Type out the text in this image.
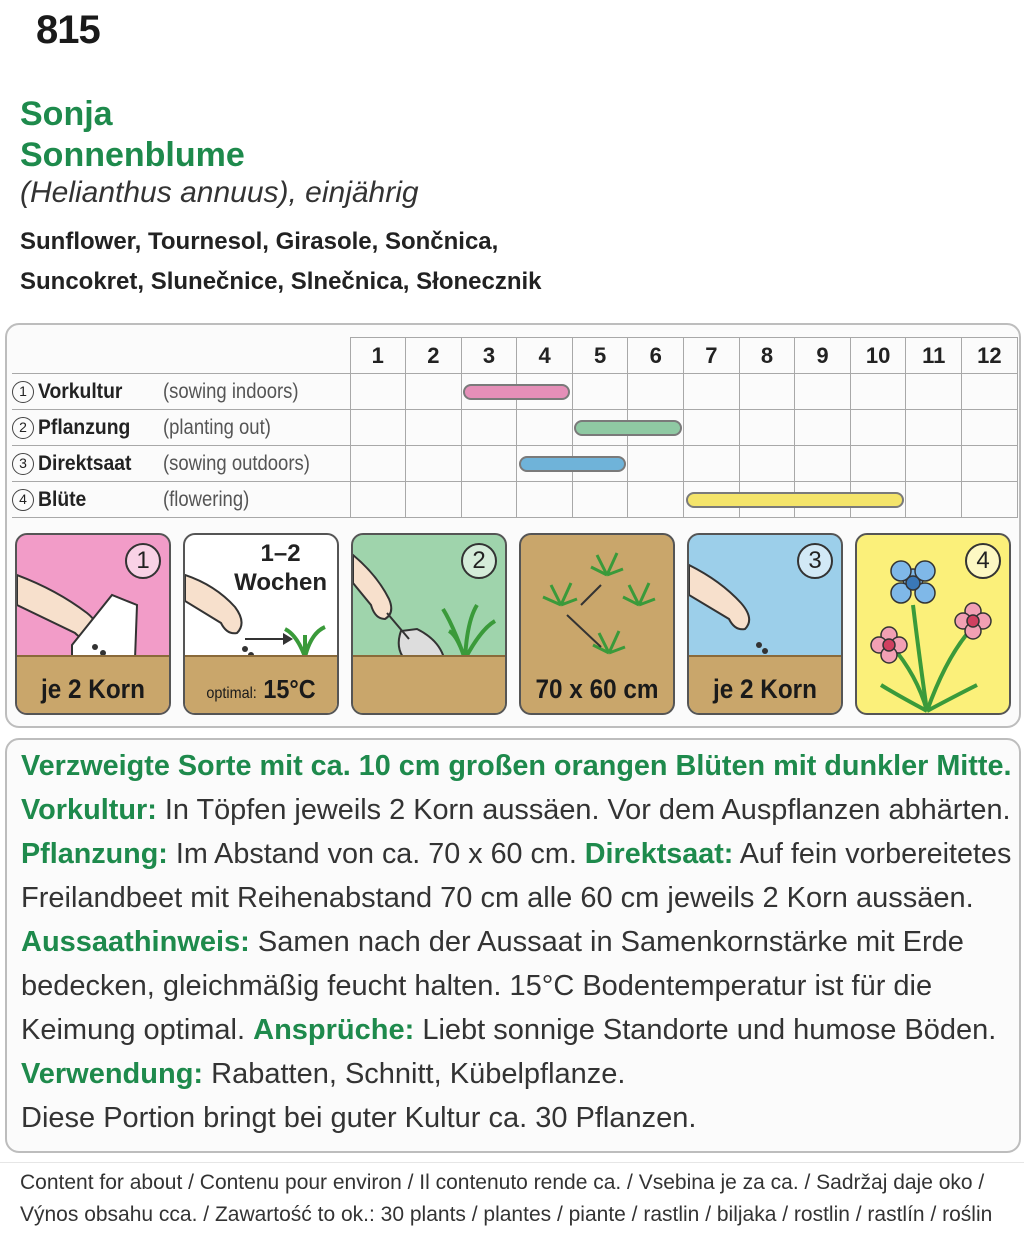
815
Sonja
Sonnenblume
(Helianthus annuus), einjährig
Sunflower, Tournesol, Girasole, Sončnica,
Suncokret, Slunečnice, Slnečnica, Słonecznik
	1	2	3	4	5	6	7	8	9	10	11	12
1 Vorkultur (sowing indoors)												
2 Pflanzung (planting out)												
3 Direktsaat (sowing outdoors)												
4 Blüte (flowering)												
1
je 2 Korn
1–2
Wochen
optimal: 15°C
2
70 x 60 cm
3
je 2 Korn
4
Verzweigte Sorte mit ca. 10 cm großen orangen Blüten mit dunkler Mitte.
Vorkultur: In Töpfen jeweils 2 Korn aussäen. Vor dem Auspflanzen abhärten.
Pflanzung: Im Abstand von ca. 70 x 60 cm. Direktsaat: Auf fein vorbereitetes
Freilandbeet mit Reihenabstand 70 cm alle 60 cm jeweils 2 Korn aussäen.
Aussaathinweis: Samen nach der Aussaat in Samenkornstärke mit Erde
bedecken, gleichmäßig feucht halten. 15°C Bodentemperatur ist für die
Keimung optimal. Ansprüche: Liebt sonnige Standorte und humose Böden.
Verwendung: Rabatten, Schnitt, Kübelpflanze.
Diese Portion bringt bei guter Kultur ca. 30 Pflanzen.
Content for about / Contenu pour environ / Il contenuto rende ca. / Vsebina je za ca. / Sadržaj daje oko /
Výnos obsahu cca. / Zawartość to ok.: 30 plants / plantes / piante / rastlin / biljaka / rostlin / rastlín / roślin
